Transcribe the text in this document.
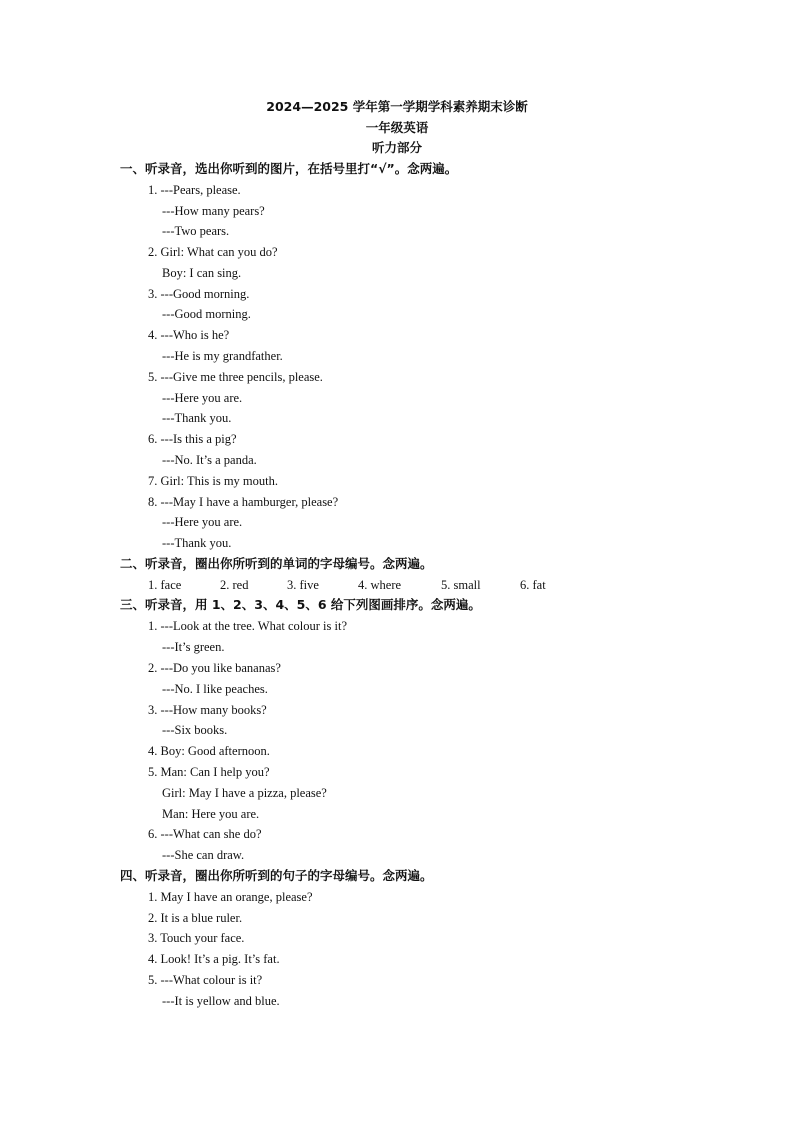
2024—2025 学年第一学期学科素养期末诊断
一年级英语
听力部分
一、听录音，选出你听到的图片，在括号里打“√”。念两遍。
1. ---Pears, please.
---How many pears?
---Two pears.
2. Girl: What can you do?
Boy: I can sing.
3. ---Good morning.
---Good morning.
4. ---Who is he?
---He is my grandfather.
5. ---Give me three pencils, please.
---Here you are.
---Thank you.
6. ---Is this a pig?
---No. It’s a panda.
7. Girl: This is my mouth.
8. ---May I have a hamburger, please?
---Here you are.
---Thank you.
二、听录音，圈出你所听到的单词的字母编号。念两遍。
1. face	2. red	3. five	4. where	5. small	6. fat
三、听录音，用 1、2、3、4、5、6 给下列图画排序。念两遍。
1. ---Look at the tree. What colour is it?
---It’s green.
2. ---Do you like bananas?
---No. I like peaches.
3. ---How many books?
---Six books.
4. Boy: Good afternoon.
5. Man: Can I help you?
Girl: May I have a pizza, please?
Man: Here you are.
6. ---What can she do?
---She can draw.
四、听录音，圈出你所听到的句子的字母编号。念两遍。
1. May I have an orange, please?
2. It is a blue ruler.
3. Touch your face.
4. Look! It’s a pig. It’s fat.
5. ---What colour is it?
---It is yellow and blue.
